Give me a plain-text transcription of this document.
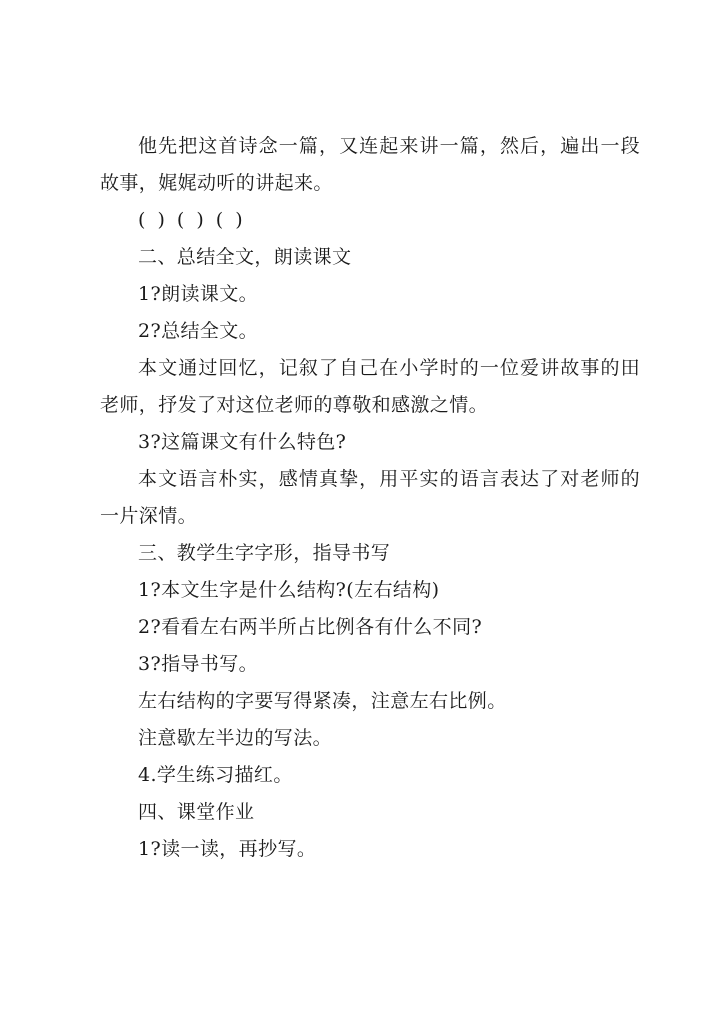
他先把这首诗念一篇，又连起来讲一篇，然后，遍出一段故事，娓娓动听的讲起来。

( ) ( ) ( )

二、总结全文，朗读课文

1?朗读课文。

2?总结全文。

本文通过回忆，记叙了自己在小学时的一位爱讲故事的田老师，抒发了对这位老师的尊敬和感激之情。

3?这篇课文有什么特色?

本文语言朴实，感情真挚，用平实的语言表达了对老师的一片深情。

三、教学生字字形，指导书写

1?本文生字是什么结构?(左右结构)

2?看看左右两半所占比例各有什么不同?

3?指导书写。

左右结构的字要写得紧凑，注意左右比例。

注意歇左半边的写法。

4.学生练习描红。

四、课堂作业

1?读一读，再抄写。
